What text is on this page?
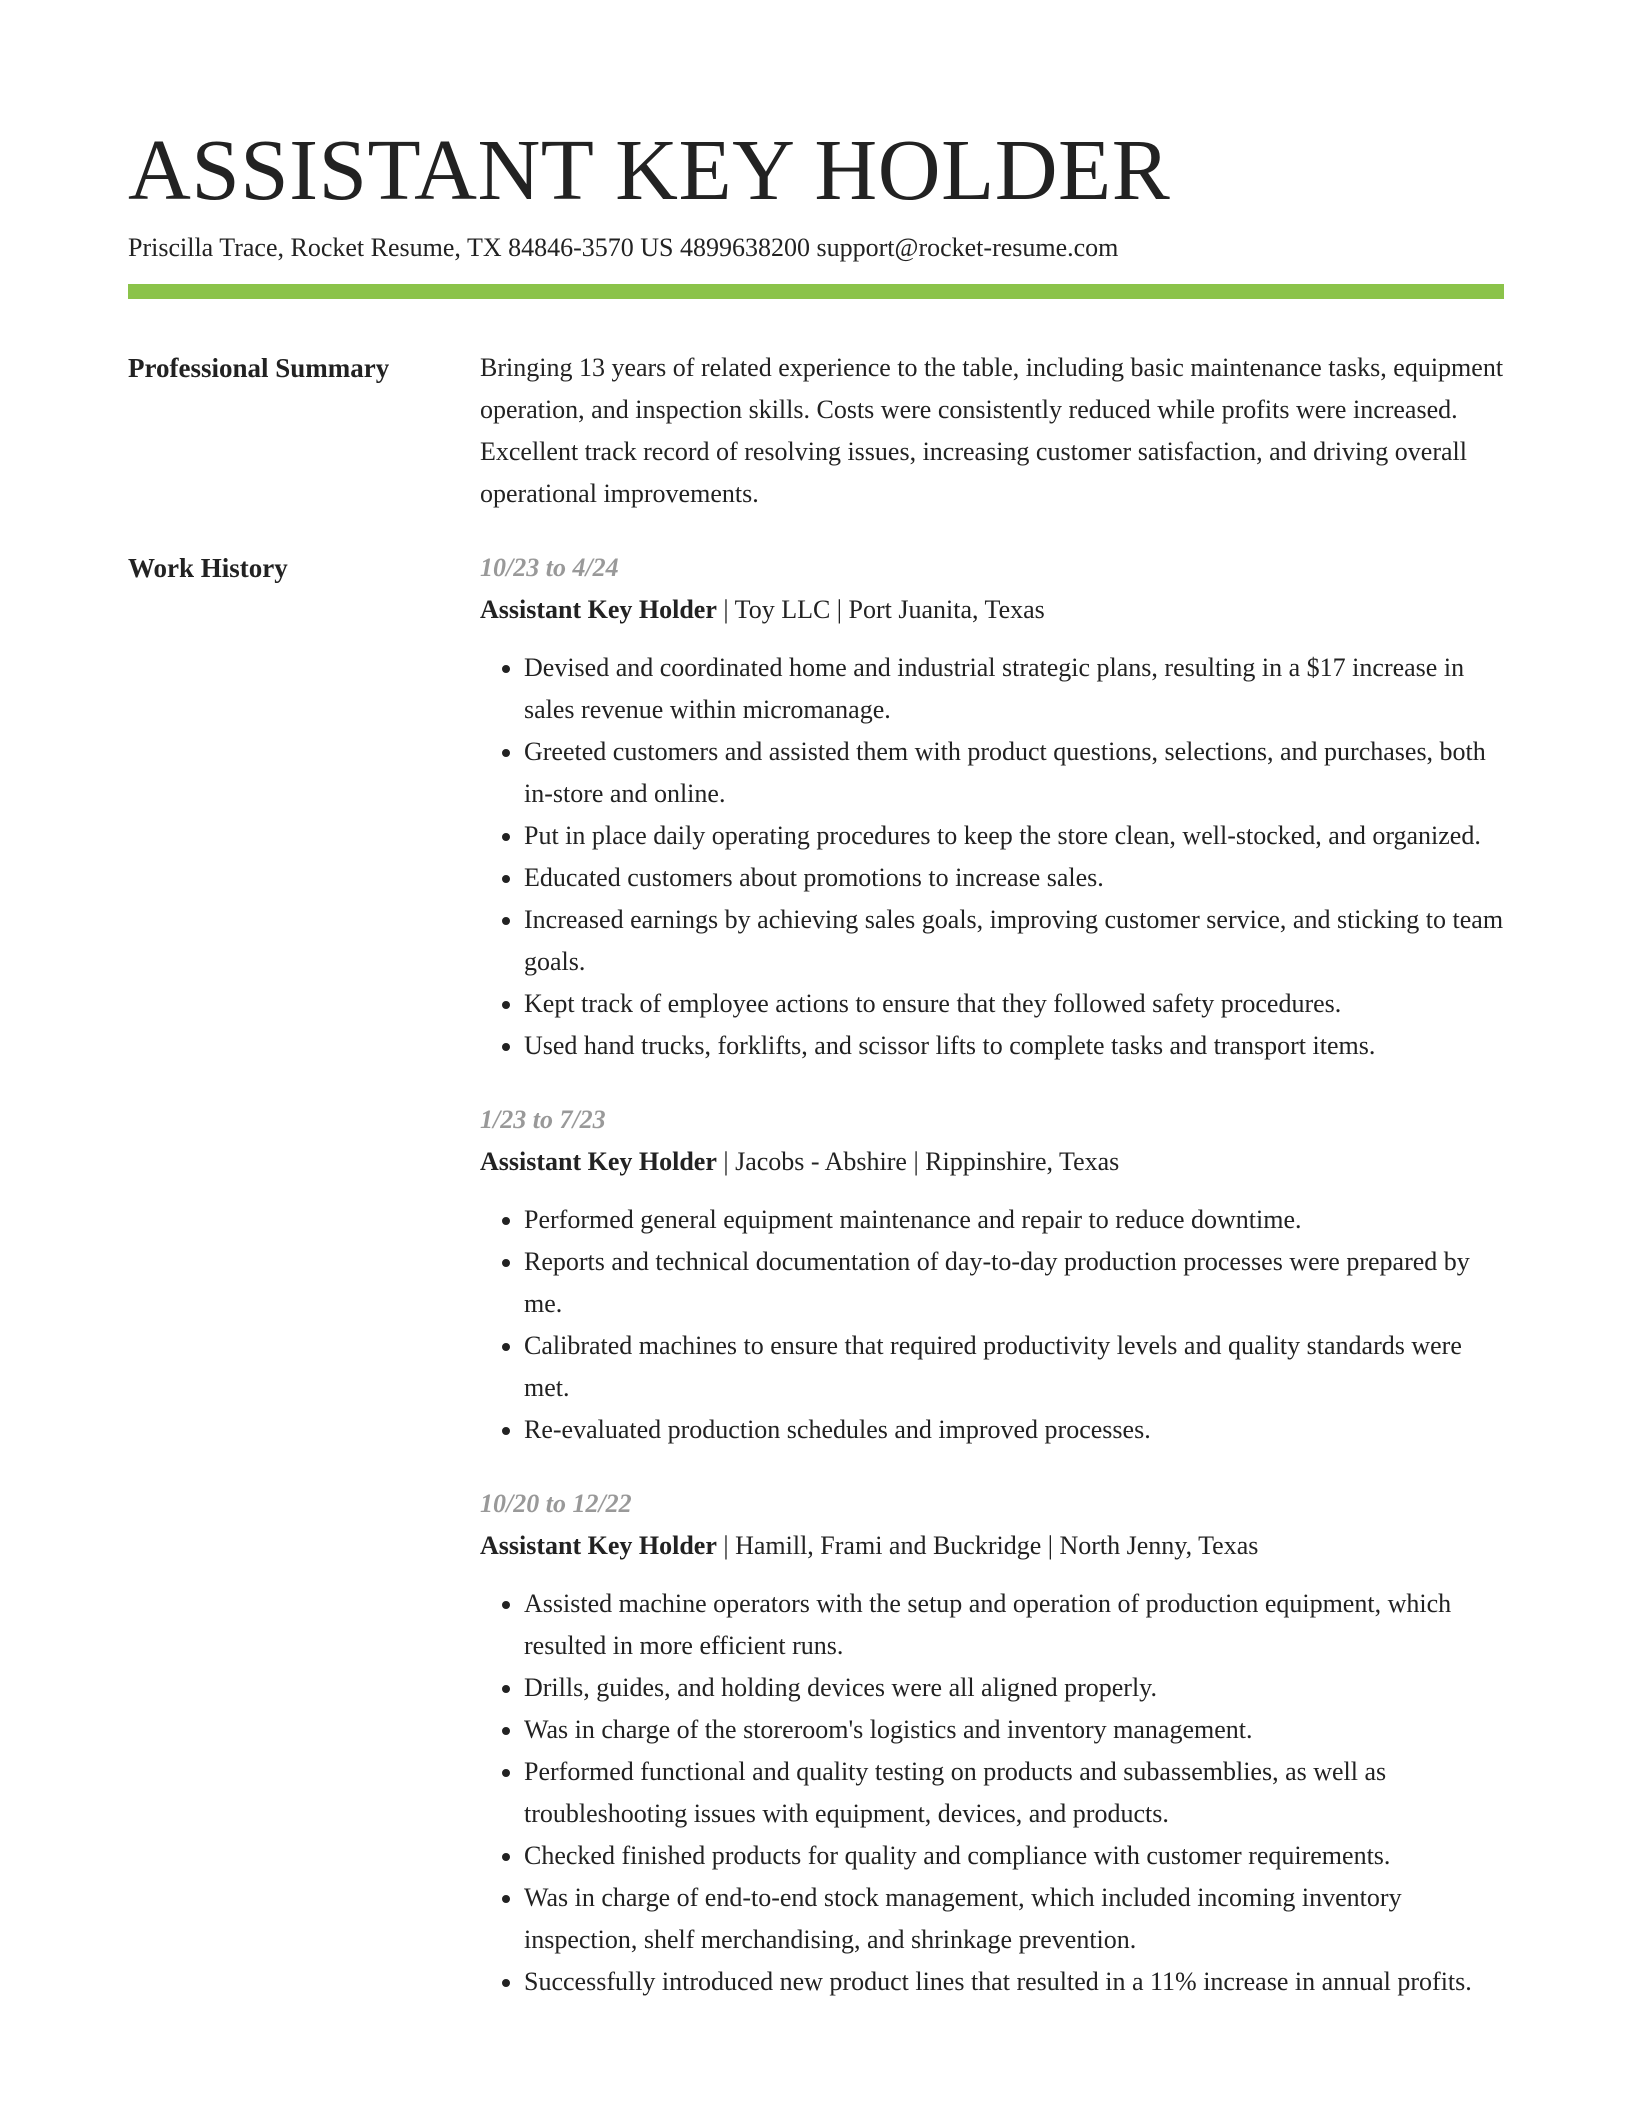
ASSISTANT KEY HOLDER
Priscilla Trace, Rocket Resume, TX 84846-3570 US 4899638200 support@rocket-resume.com
Professional Summary	Bringing 13 years of related experience to the table, including basic maintenance tasks, equipment operation, and inspection skills. Costs were consistently reduced while profits were increased. Excellent track record of resolving issues, increasing customer satisfaction, and driving overall operational improvements.

Work History	10/23 to 4/24
Assistant Key Holder | Toy LLC | Port Juanita, Texas
• Devised and coordinated home and industrial strategic plans, resulting in a $17 increase in sales revenue within micromanage.
• Greeted customers and assisted them with product questions, selections, and purchases, both in-store and online.
• Put in place daily operating procedures to keep the store clean, well-stocked, and organized.
• Educated customers about promotions to increase sales.
• Increased earnings by achieving sales goals, improving customer service, and sticking to team goals.
• Kept track of employee actions to ensure that they followed safety procedures.
• Used hand trucks, forklifts, and scissor lifts to complete tasks and transport items.
1/23 to 7/23
Assistant Key Holder | Jacobs - Abshire | Rippinshire, Texas
• Performed general equipment maintenance and repair to reduce downtime.
• Reports and technical documentation of day-to-day production processes were prepared by me.
• Calibrated machines to ensure that required productivity levels and quality standards were met.
• Re-evaluated production schedules and improved processes.
10/20 to 12/22
Assistant Key Holder | Hamill, Frami and Buckridge | North Jenny, Texas
• Assisted machine operators with the setup and operation of production equipment, which resulted in more efficient runs.
• Drills, guides, and holding devices were all aligned properly.
• Was in charge of the storeroom's logistics and inventory management.
• Performed functional and quality testing on products and subassemblies, as well as troubleshooting issues with equipment, devices, and products.
• Checked finished products for quality and compliance with customer requirements.
• Was in charge of end-to-end stock management, which included incoming inventory inspection, shelf merchandising, and shrinkage prevention.
• Successfully introduced new product lines that resulted in a 11% increase in annual profits.
